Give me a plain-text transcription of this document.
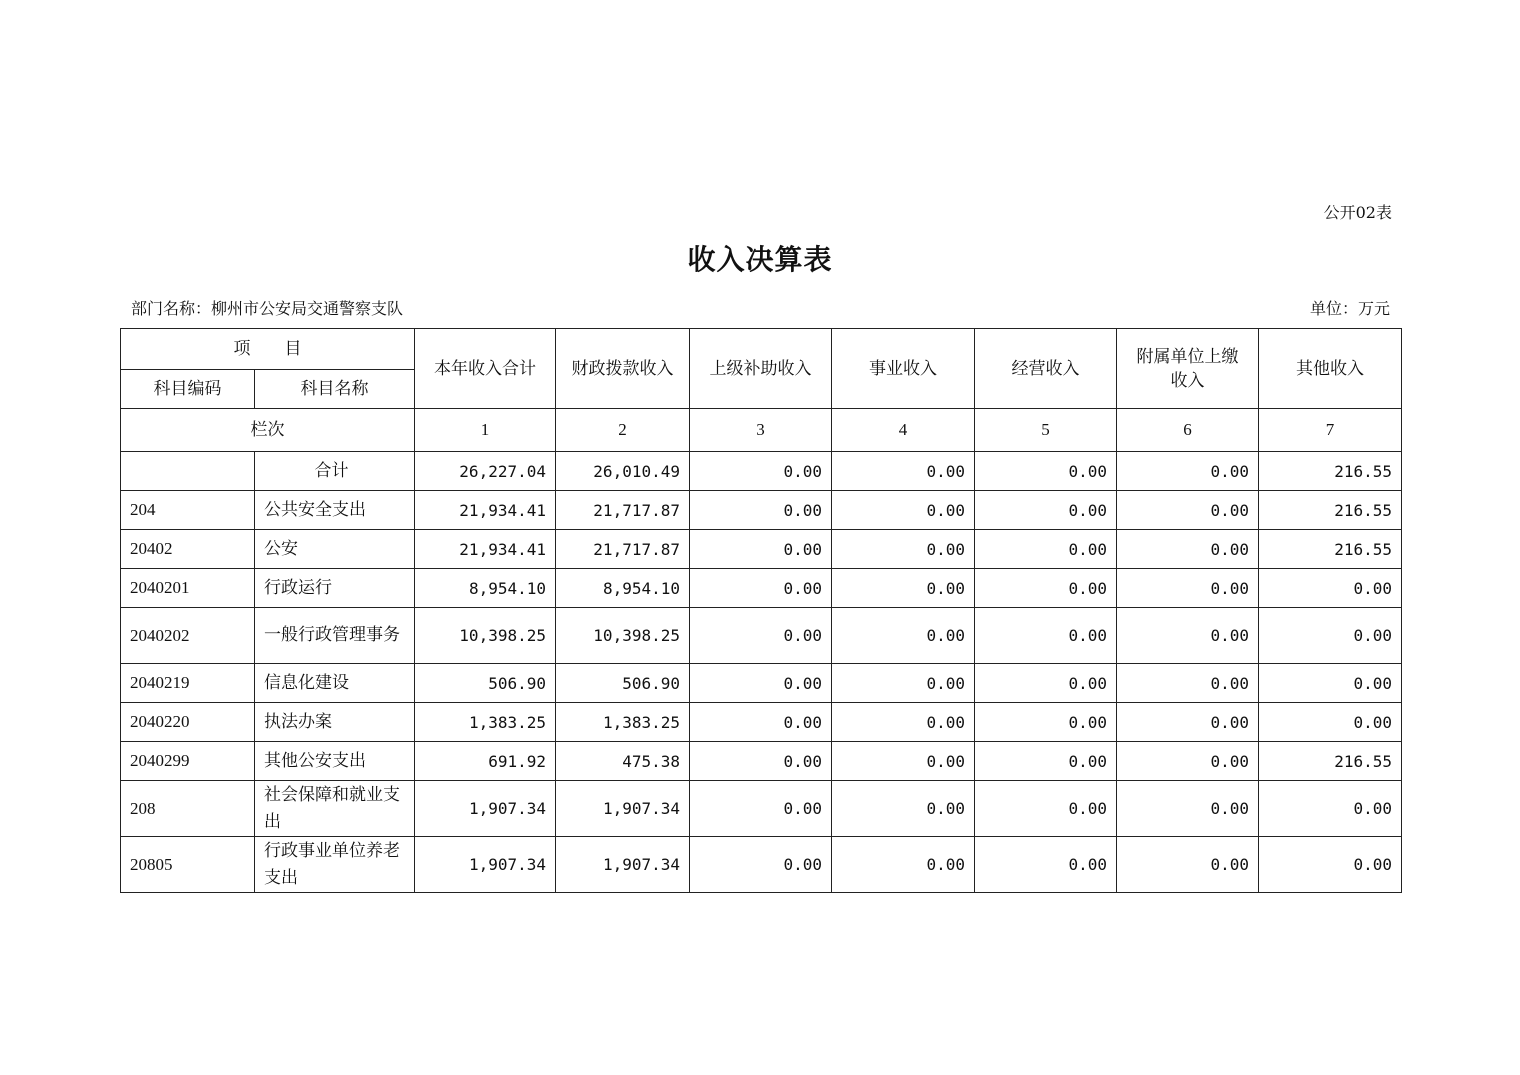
公开02表
收入决算表
部门名称：柳州市公安局交通警察支队	单位：万元
项　　目		本年收入合计	财政拨款收入	上级补助收入	事业收入	经营收入	附属单位上缴收入	其他收入
科目编码	科目名称							
栏次		1	2	3	4	5	6	7
	合计	26,227.04	26,010.49	0.00	0.00	0.00	0.00	216.55
204	公共安全支出	21,934.41	21,717.87	0.00	0.00	0.00	0.00	216.55
20402	公安	21,934.41	21,717.87	0.00	0.00	0.00	0.00	216.55
2040201	行政运行	8,954.10	8,954.10	0.00	0.00	0.00	0.00	0.00
2040202	一般行政管理事务	10,398.25	10,398.25	0.00	0.00	0.00	0.00	0.00
2040219	信息化建设	506.90	506.90	0.00	0.00	0.00	0.00	0.00
2040220	执法办案	1,383.25	1,383.25	0.00	0.00	0.00	0.00	0.00
2040299	其他公安支出	691.92	475.38	0.00	0.00	0.00	0.00	216.55
208	社会保障和就业支出	1,907.34	1,907.34	0.00	0.00	0.00	0.00	0.00
20805	行政事业单位养老支出	1,907.34	1,907.34	0.00	0.00	0.00	0.00	0.00
